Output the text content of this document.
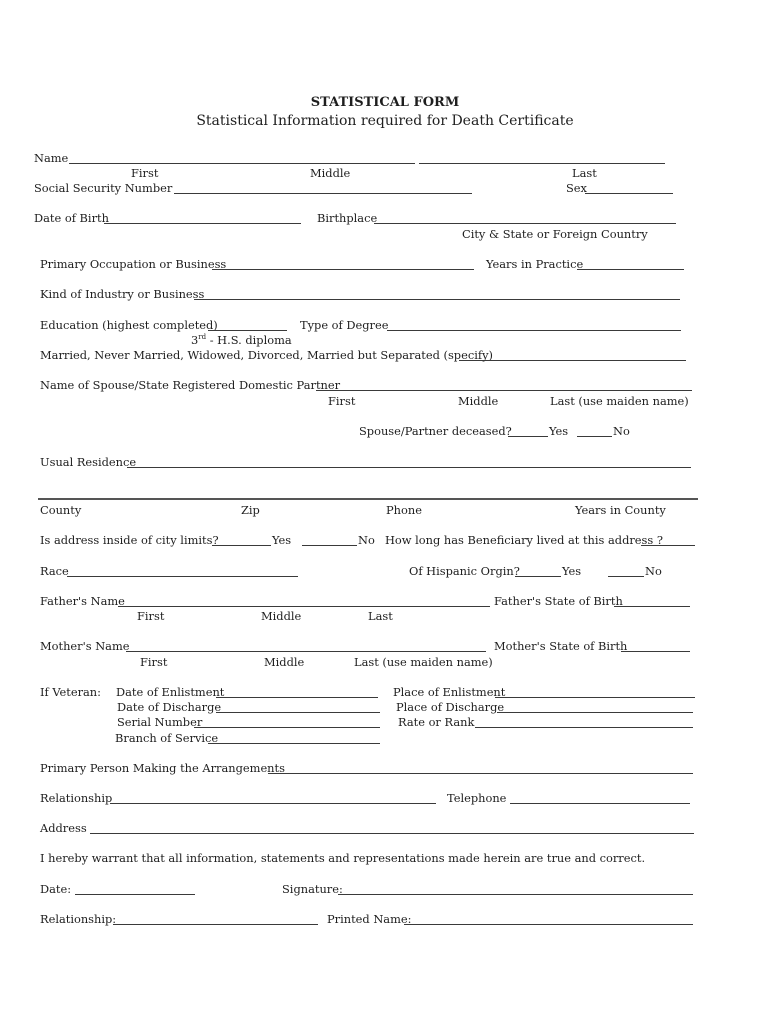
STATISTICAL FORM
Statistical Information required for Death Certificate
Name
First	Middle	Last
Social Security Number	Sex
Date of Birth	Birthplace
City & State or Foreign Country
Primary Occupation or Business	Years in Practice
Kind of Industry or Business
Education (highest completed)	Type of Degree
3rd - H.S. diploma
Married, Never Married, Widowed, Divorced, Married but Separated (specify)
Name of Spouse/State Registered Domestic Partner
First	Middle	Last (use maiden name)
Spouse/Partner deceased?	Yes	No
Usual Residence
County	Zip	Phone	Years in County
Is address inside of city limits?	Yes	No How long has Beneficiary lived at this address ?
Race	Of Hispanic Orgin?	Yes	No
Father's Name	Father's State of Birth
First	Middle	Last
Mother's Name	Mother's State of Birth
First	Middle	Last (use maiden name)
If Veteran: Date of Enlistment	Place of Enlistment
Date of Discharge	Place of Discharge
Serial Number	Rate or Rank
Branch of Service
Primary Person Making the Arrangements
Relationship	Telephone
Address
I hereby warrant that all information, statements and representations made herein are true and correct.
Date:	Signature:
Relationship:	Printed Name:
